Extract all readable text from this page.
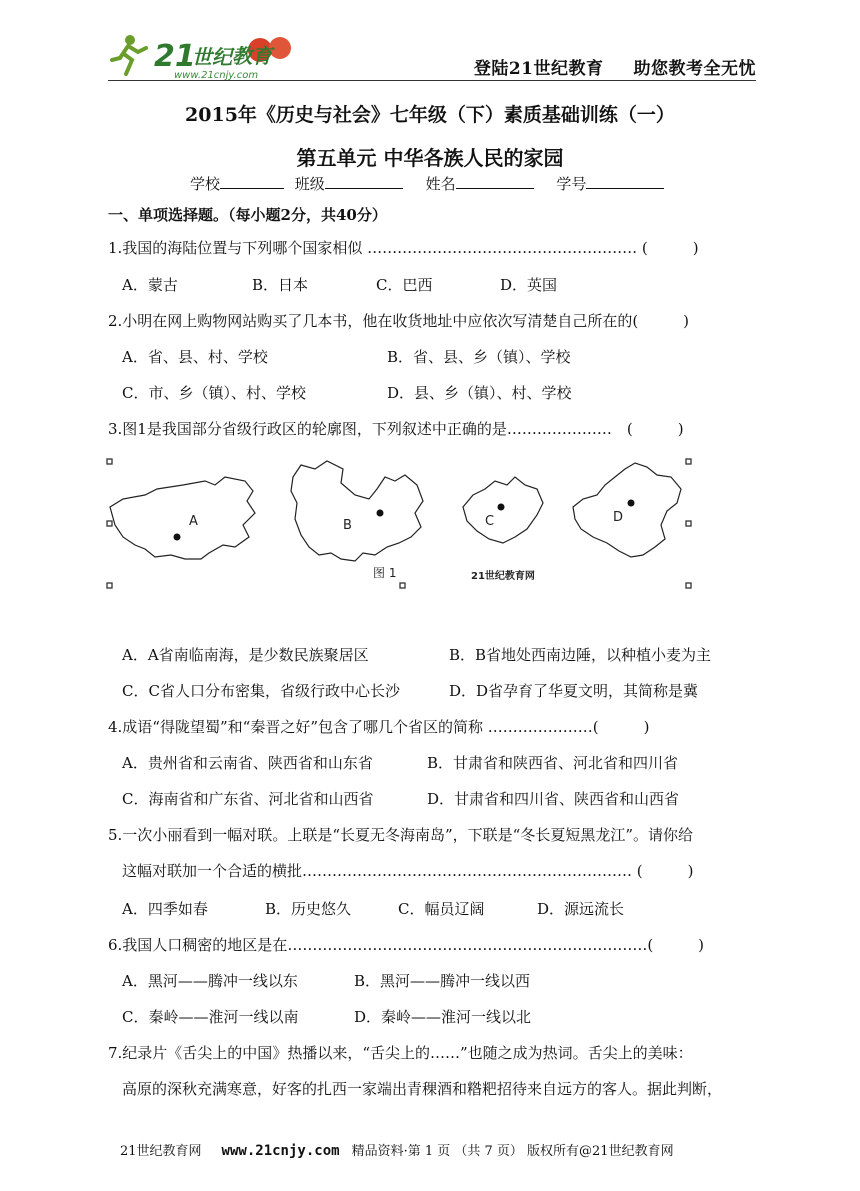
21
世纪 教育
www.21cnjy.com	登陆21世纪教育 助您教考全无忧
2015年《历史与社会》七年级（下）素质基础训练（一）
第五单元 中华各族人民的家园
学校	班级	姓名	学号
一、单项选择题。（每小题2分，共40分）
1.我国的海陆位置与下列哪个国家相似 ……………………………………………… (　　　)
A．蒙古	B．日本	C．巴西	D．英国
2.小明在网上购物网站购买了几本书，他在收货地址中应依次写清楚自己所在的(　　　)
A．省、县、村、学校	B．省、县、乡（镇）、学校
C．市、乡（镇）、村、学校	D．县、乡（镇）、村、学校
3.图1是我国部分省级行政区的轮廓图，下列叙述中正确的是…………………　(　　　)
A	B	C	D
图 1	21世纪教育网
A．A省南临南海，是少数民族聚居区	B．B省地处西南边陲，以种植小麦为主
C．C省人口分布密集，省级行政中心长沙	D．D省孕育了华夏文明，其简称是冀
4.成语“得陇望蜀”和“秦晋之好”包含了哪几个省区的简称 …………………(　　　)
A．贵州省和云南省、陕西省和山东省	B．甘肃省和陕西省、河北省和四川省
C．海南省和广东省、河北省和山西省	D．甘肃省和四川省、陕西省和山西省
5.一次小丽看到一幅对联。上联是“长夏无冬海南岛”，下联是“冬长夏短黑龙江”。请你给
这幅对联加一个合适的横批………………………………………………………… (　　　)
A．四季如春	B．历史悠久	C．幅员辽阔	D．源远流长
6.我国人口稠密的地区是在………………………………………………………………(　　　)
A．黑河——腾冲一线以东	B．黑河——腾冲一线以西
C．秦岭——淮河一线以南	D．秦岭——淮河一线以北
7.纪录片《舌尖上的中国》热播以来，“舌尖上的……”也随之成为热词。舌尖上的美味：
高原的深秋充满寒意，好客的扎西一家端出青稞酒和糌粑招待来自远方的客人。据此判断，
21世纪教育网 www.21cnjy.com 精品资料·第 1 页 （共 7 页） 版权所有@21世纪教育网
